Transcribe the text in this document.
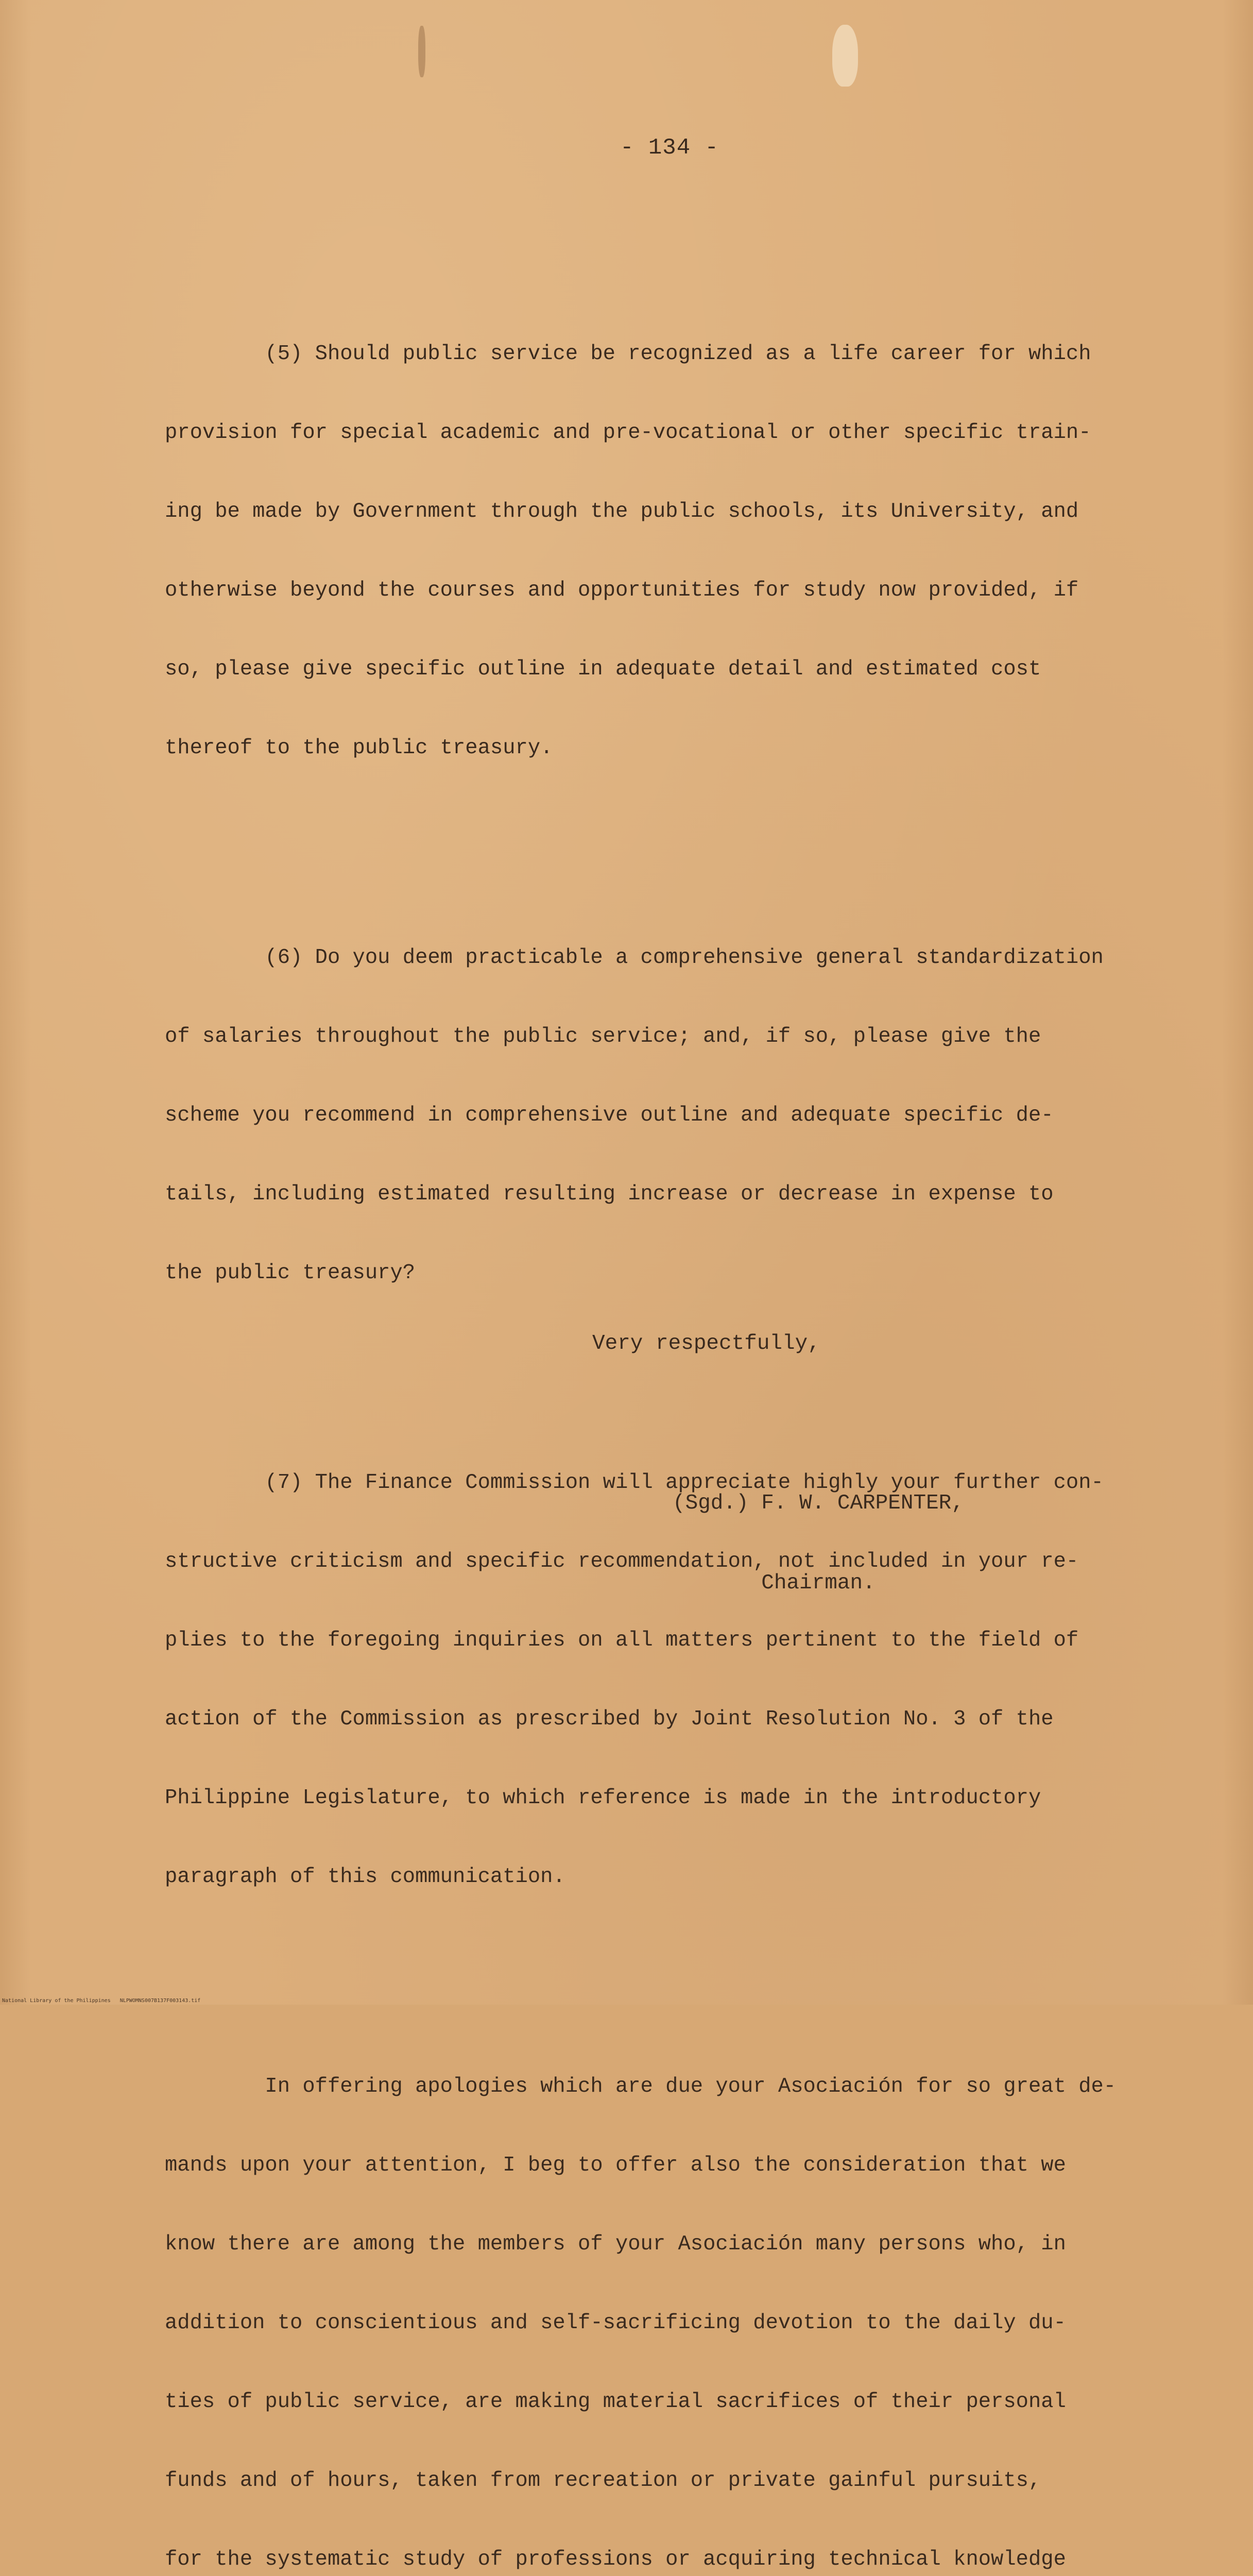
- 134 -

(5) Should public service be recognized as a life career for which

provision for special academic and pre-vocational or other specific train-

ing be made by Government through the public schools, its University, and

otherwise beyond the courses and opportunities for study now provided, if

so, please give specific outline in adequate detail and estimated cost

thereof to the public treasury.

(6) Do you deem practicable a comprehensive general standardization

of salaries throughout the public service; and, if so, please give the

scheme you recommend in comprehensive outline and adequate specific de-

tails, including estimated resulting increase or decrease in expense to

the public treasury?

(7) The Finance Commission will appreciate highly your further con-

structive criticism and specific recommendation, not included in your re-

plies to the foregoing inquiries on all matters pertinent to the field of

action of the Commission as prescribed by Joint Resolution No. 3 of the

Philippine Legislature, to which reference is made in the introductory

paragraph of this communication.

In offering apologies which are due your Asociación for so great de-

mands upon your attention, I beg to offer also the consideration that we

know there are among the members of your Asociación many persons who, in

addition to conscientious and self-sacrificing devotion to the daily du-

ties of public service, are making material sacrifices of their personal

funds and of hours, taken from recreation or private gainful pursuits,

for the systematic study of professions or acquiring technical knowledge

Very respectfully,

(Sgd.) F. W. CARPENTER,

Chairman.

National Library of the Philippines   NLPWOMNS007B137F003143.tif
